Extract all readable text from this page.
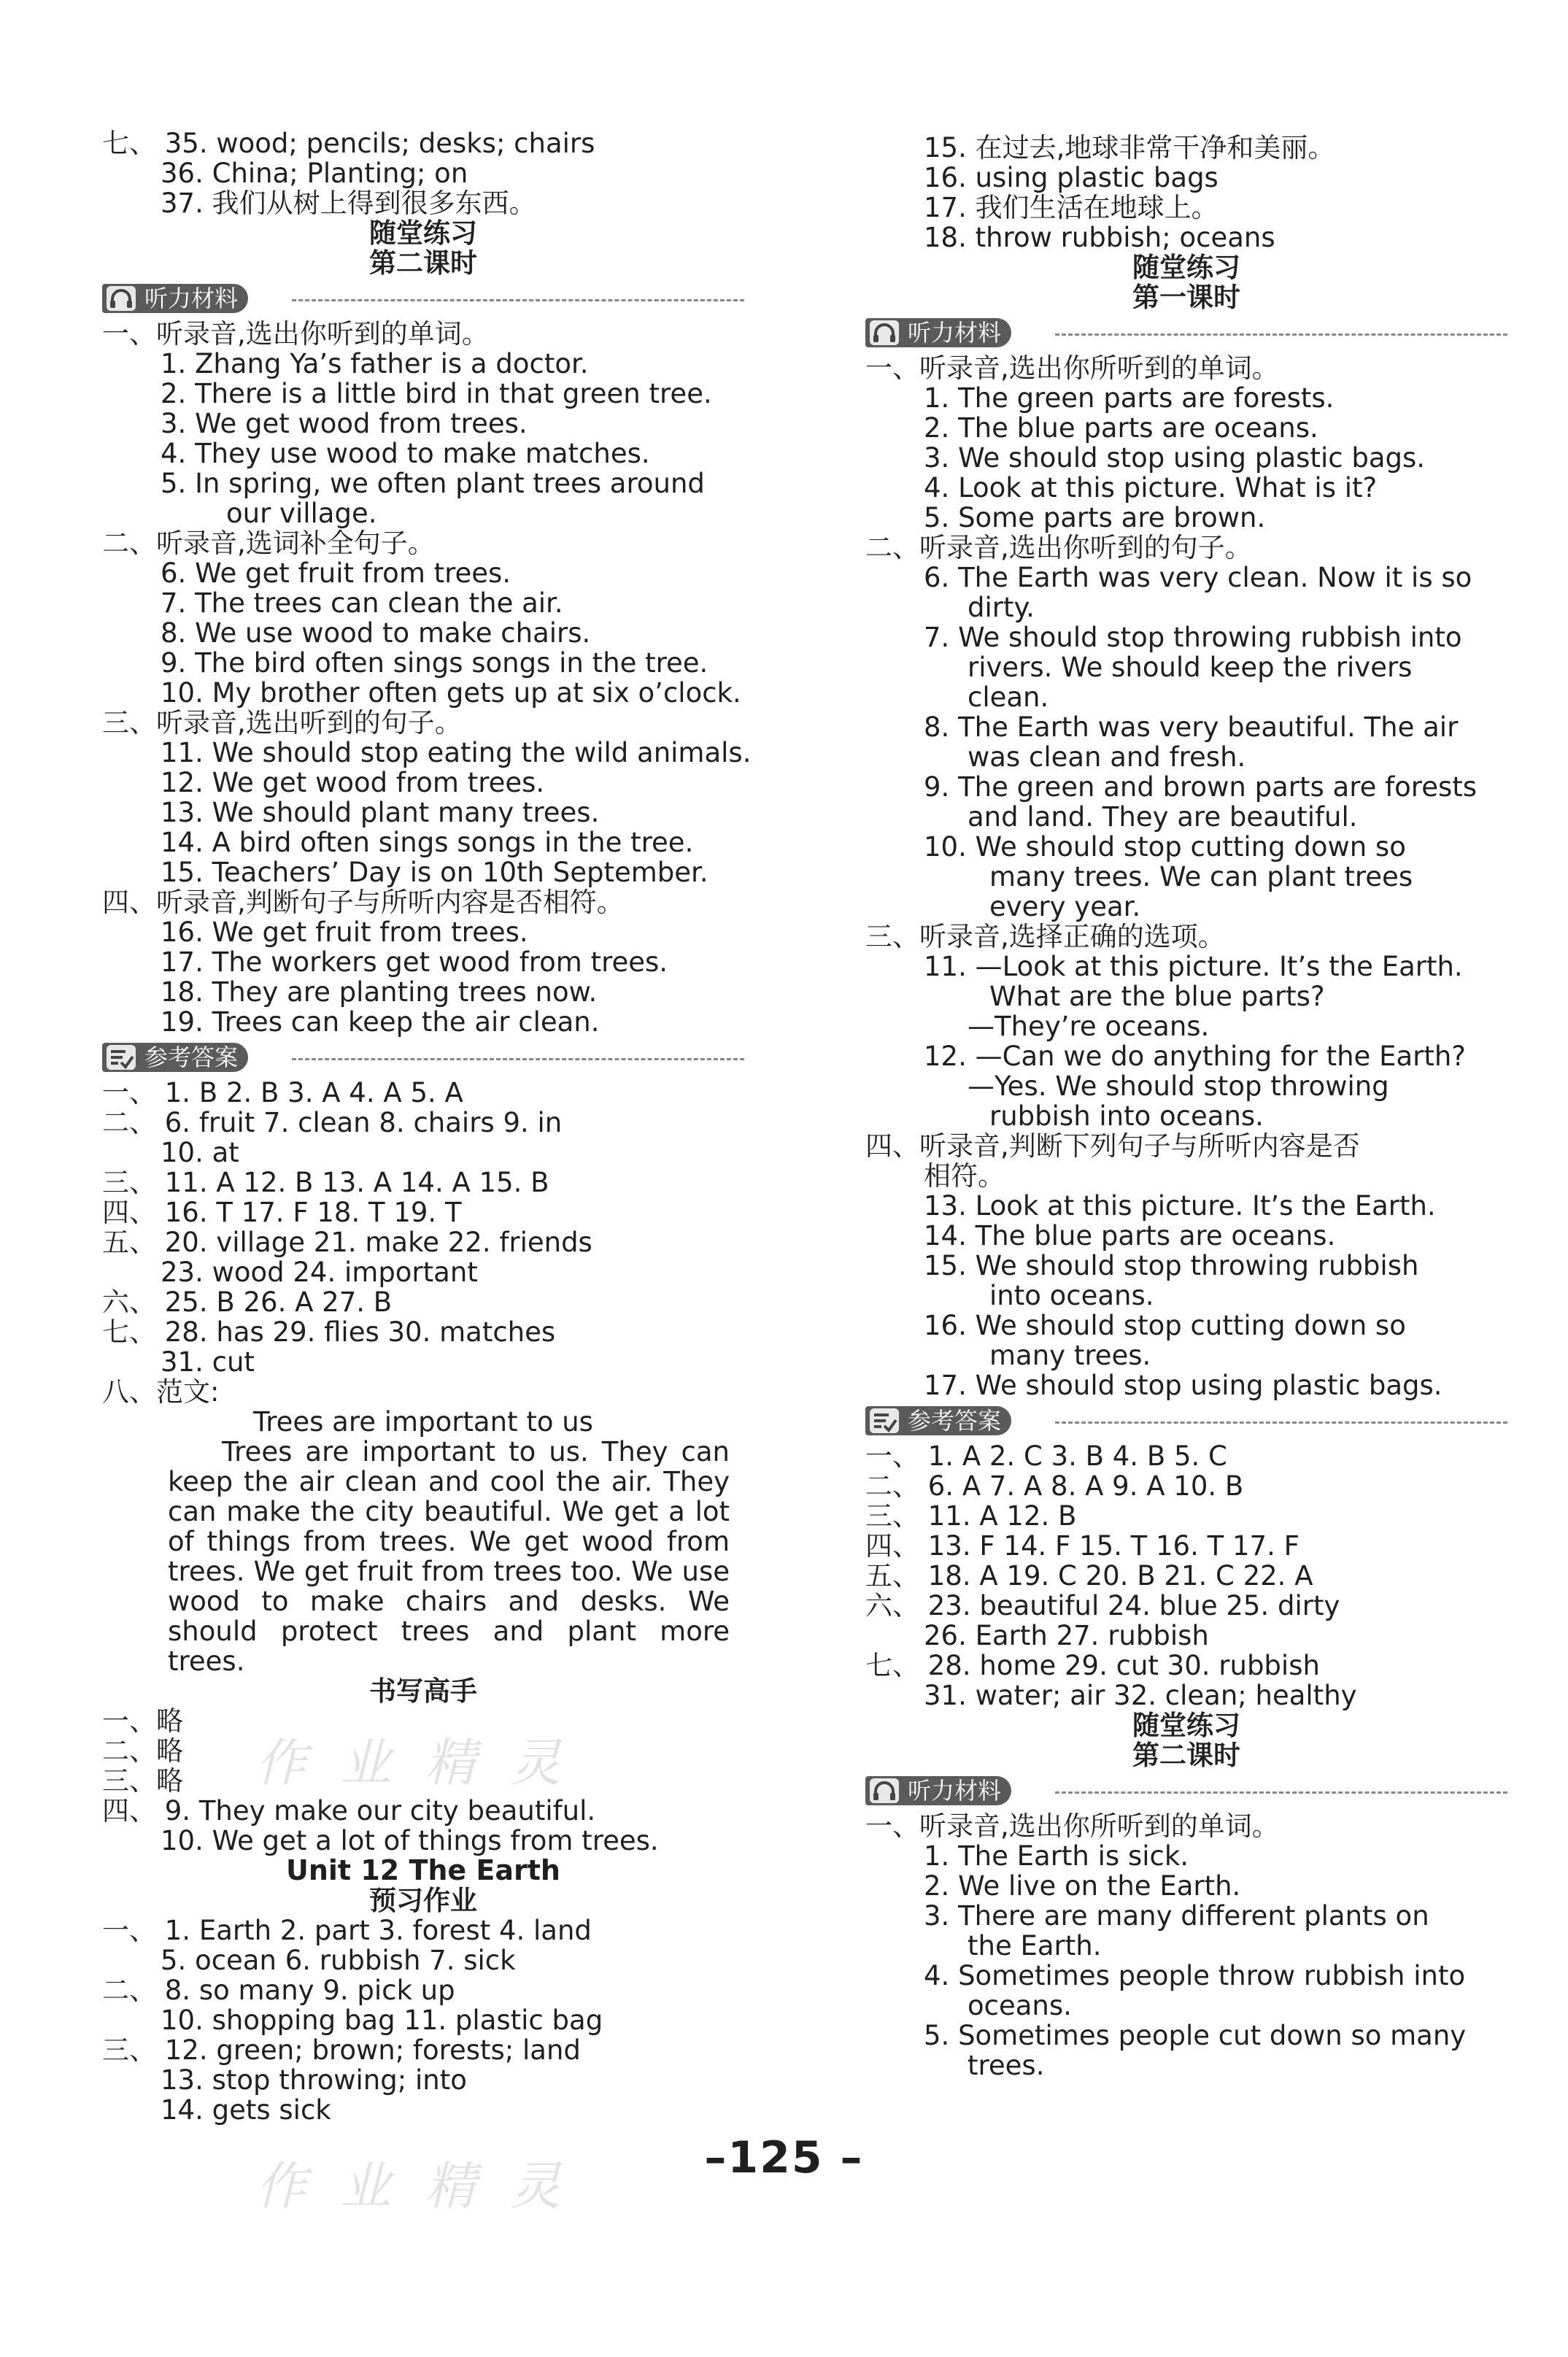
七、 35. wood; pencils; desks; chairs
36. China; Planting; on
37. 我们从树上得到很多东西。
随堂练习
第二课时
听力材料
一、听录音,选出你听到的单词。
1. Zhang Ya’s father is a doctor.
2. There is a little bird in that green tree.
3. We get wood from trees.
4. They use wood to make matches.
5. In spring, we often plant trees around
our village.
二、听录音,选词补全句子。
6. We get fruit from trees.
7. The trees can clean the air.
8. We use wood to make chairs.
9. The bird often sings songs in the tree.
10. My brother often gets up at six o’clock.
三、听录音,选出听到的句子。
11. We should stop eating the wild animals.
12. We get wood from trees.
13. We should plant many trees.
14. A bird often sings songs in the tree.
15. Teachers’ Day is on 10th September.
四、听录音,判断句子与所听内容是否相符。
16. We get fruit from trees.
17. The workers get wood from trees.
18. They are planting trees now.
19. Trees can keep the air clean.
参考答案
一、 1. B 2. B 3. A 4. A 5. A
二、 6. fruit 7. clean 8. chairs 9. in
10. at
三、 11. A 12. B 13. A 14. A 15. B
四、 16. T 17. F 18. T 19. T
五、 20. village 21. make 22. friends
23. wood 24. important
六、 25. B 26. A 27. B
七、 28. has 29. flies 30. matches
31. cut
八、范文:
Trees are important to us
  Trees are important to us. They can keep the air clean and cool the air. They can make the city beautiful. We get a lot of things from trees. We get wood from trees. We get fruit from trees too. We use wood to make chairs and desks. We should protect trees and plant more trees.
书写高手
一、略
二、略
三、略
四、 9. They make our city beautiful.
10. We get a lot of things from trees.
Unit 12 The Earth
预习作业
一、 1. Earth 2. part 3. forest 4. land
5. ocean 6. rubbish 7. sick
二、 8. so many 9. pick up
10. shopping bag 11. plastic bag
三、 12. green; brown; forests; land
13. stop throwing; into
14. gets sick
15. 在过去,地球非常干净和美丽。
16. using plastic bags
17. 我们生活在地球上。
18. throw rubbish; oceans
随堂练习
第一课时
听力材料
一、听录音,选出你所听到的单词。
1. The green parts are forests.
2. The blue parts are oceans.
3. We should stop using plastic bags.
4. Look at this picture. What is it?
5. Some parts are brown.
二、听录音,选出你听到的句子。
6. The Earth was very clean. Now it is so
dirty.
7. We should stop throwing rubbish into
rivers. We should keep the rivers
clean.
8. The Earth was very beautiful. The air
was clean and fresh.
9. The green and brown parts are forests
and land. They are beautiful.
10. We should stop cutting down so
many trees. We can plant trees
every year.
三、听录音,选择正确的选项。
11. —Look at this picture. It’s the Earth.
What are the blue parts?
—They’re oceans.
12. —Can we do anything for the Earth?
—Yes. We should stop throwing
rubbish into oceans.
四、听录音,判断下列句子与所听内容是否
相符。
13. Look at this picture. It’s the Earth.
14. The blue parts are oceans.
15. We should stop throwing rubbish
into oceans.
16. We should stop cutting down so
many trees.
17. We should stop using plastic bags.
参考答案
一、 1. A 2. C 3. B 4. B 5. C
二、 6. A 7. A 8. A 9. A 10. B
三、 11. A 12. B
四、 13. F 14. F 15. T 16. T 17. F
五、 18. A 19. C 20. B 21. C 22. A
六、 23. beautiful 24. blue 25. dirty
26. Earth 27. rubbish
七、 28. home 29. cut 30. rubbish
31. water; air 32. clean; healthy
随堂练习
第二课时
听力材料
一、听录音,选出你所听到的单词。
1. The Earth is sick.
2. We live on the Earth.
3. There are many different plants on
the Earth.
4. Sometimes people throw rubbish into
oceans.
5. Sometimes people cut down so many
trees.
作 业 精 灵
作 业 精 灵	–125 –
